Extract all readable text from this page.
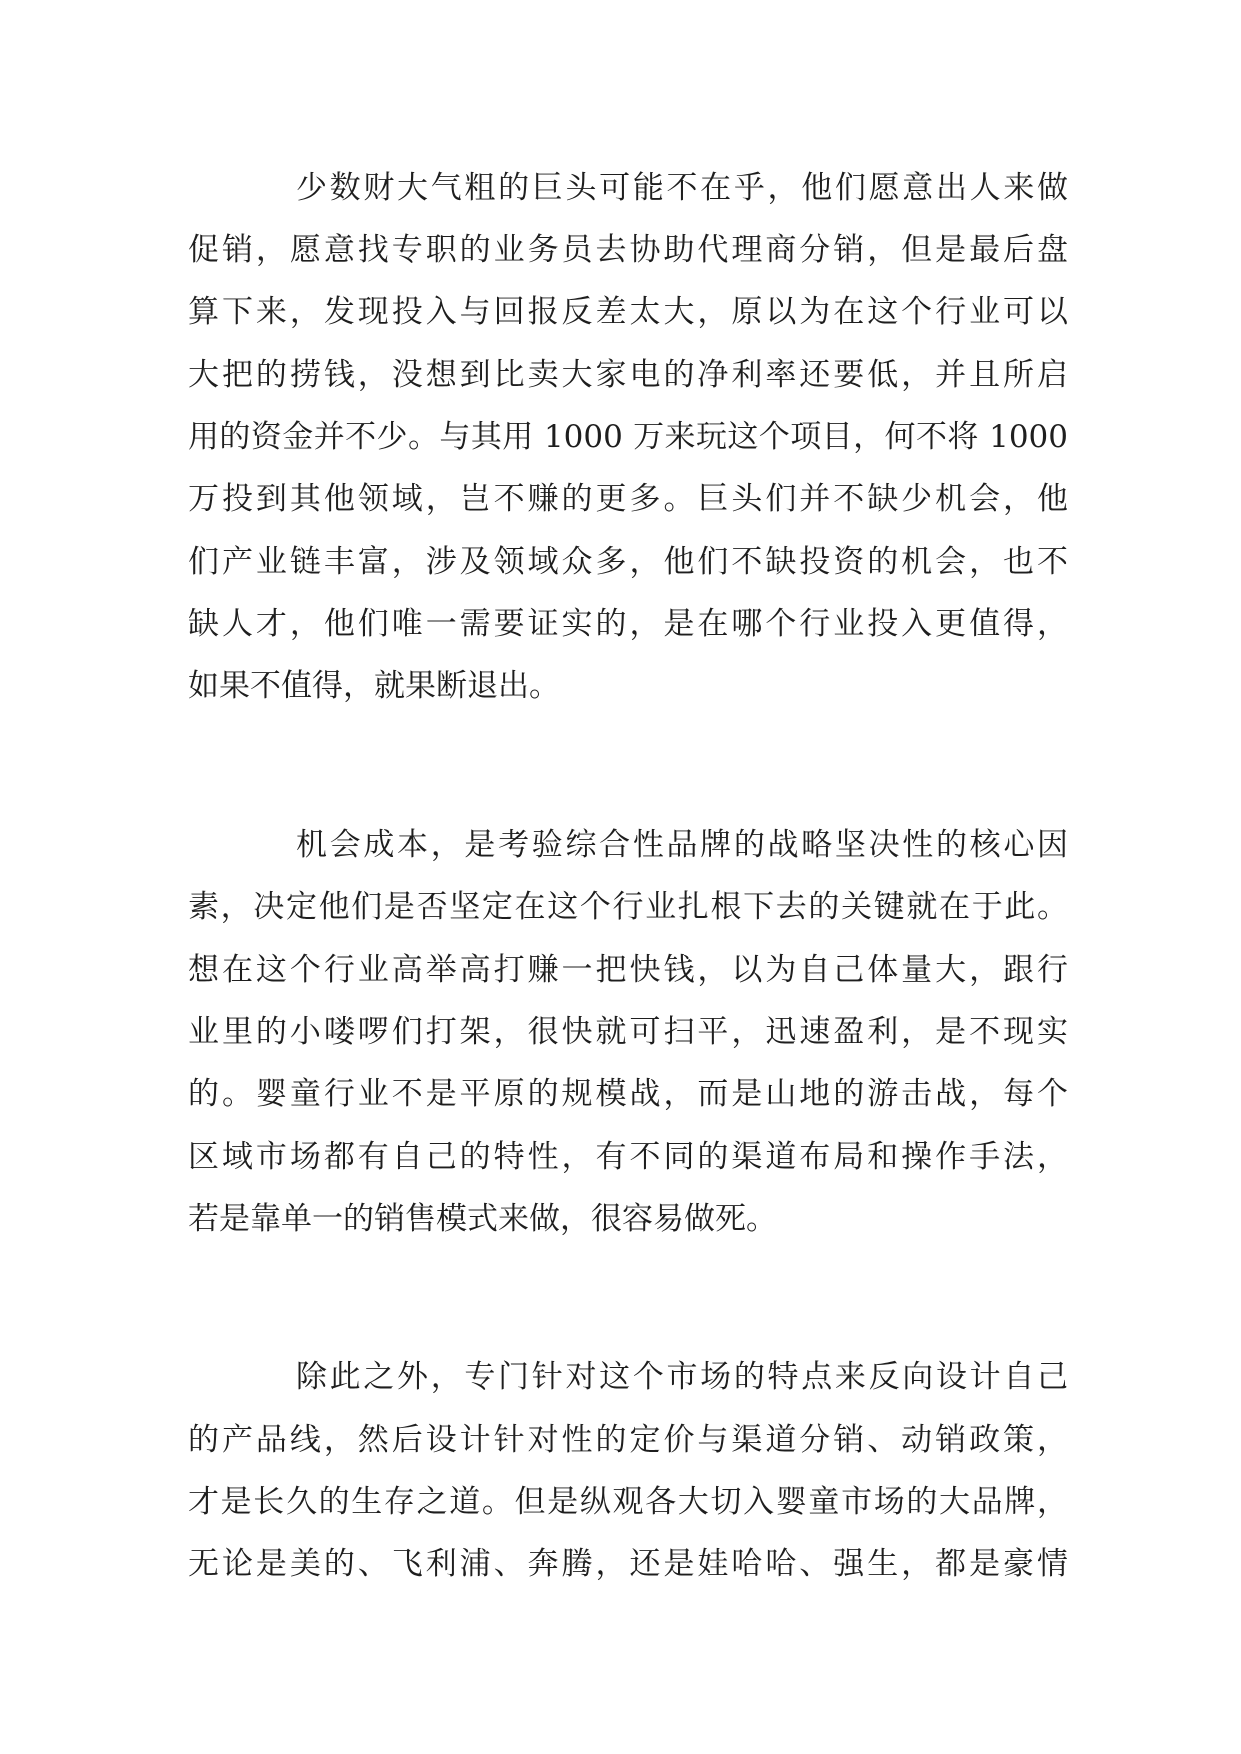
少数财大气粗的巨头可能不在乎，他们愿意出人来做

促销，愿意找专职的业务员去协助代理商分销，但是最后盘

算下来，发现投入与回报反差太大，原以为在这个行业可以

大把的捞钱，没想到比卖大家电的净利率还要低，并且所启

用的资金并不少。与其用 1000 万来玩这个项目，何不将 1000

万投到其他领域，岂不赚的更多。巨头们并不缺少机会，他

们产业链丰富，涉及领域众多，他们不缺投资的机会，也不

缺人才，他们唯一需要证实的，是在哪个行业投入更值得，

如果不值得，就果断退出。

机会成本，是考验综合性品牌的战略坚决性的核心因

素，决定他们是否坚定在这个行业扎根下去的关键就在于此。

想在这个行业高举高打赚一把快钱，以为自己体量大，跟行

业里的小喽啰们打架，很快就可扫平，迅速盈利，是不现实

的。婴童行业不是平原的规模战，而是山地的游击战，每个

区域市场都有自己的特性，有不同的渠道布局和操作手法，

若是靠单一的销售模式来做，很容易做死。

除此之外，专门针对这个市场的特点来反向设计自己

的产品线，然后设计针对性的定价与渠道分销、动销政策，

才是长久的生存之道。但是纵观各大切入婴童市场的大品牌，

无论是美的、飞利浦、奔腾，还是娃哈哈、强生，都是豪情
